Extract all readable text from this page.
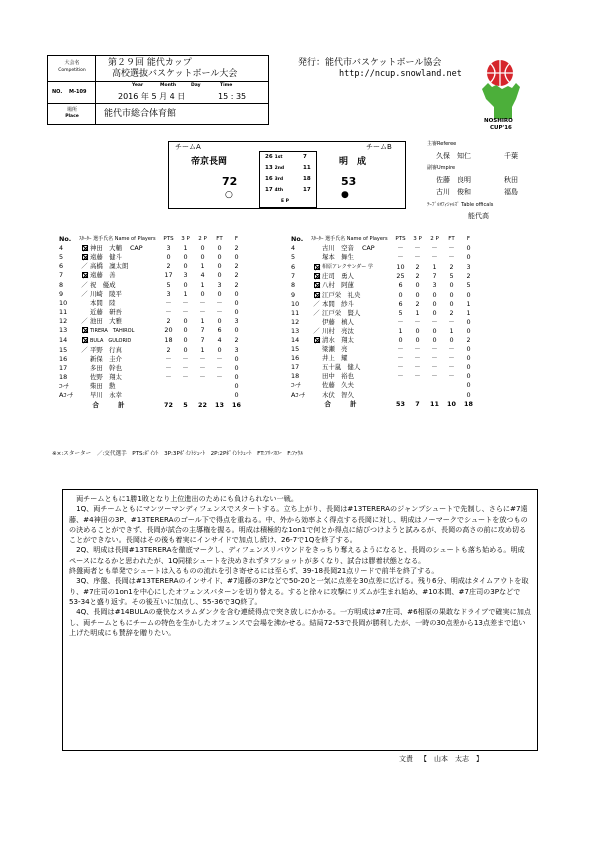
大会名
Competition
第２９回 能代カップ
高校選抜バスケットボール大会
NO. M-109
Year	Month	Day	Time
2016 年 5 月 4 日	15 : 35
場所
Place	能代市総合体育館
発行：能代市バスケットボール協会
http://ncup.snowland.net
NOSHIRO
CUP'16
チームA	チームB
帝京長岡	明　成
72	53
○	●
26 1st	7
13 2nd	11
16 3rd	18
17 4th	17
E P
主審Referee
久保　知仁	千葉
副審Umpire
佐藤　良明	秋田
古川　俊和	福島
ﾃｰﾌﾞﾙｵﾌｨｼｬﾙｽﾞ Table officals
能代高
No.	ｽﾀｰﾀｰ 選手氏名 Name of Players		PTS	3 P	2 P	FT	F
4		神田　大輔 CAP	3	1	0	0	2
5		遠藤　健斗	0	0	0	0	0
6	／	高橋　凜太朗	2	0	1	0	2
7		遠藤　善	17	3	4	0	2
8	／	祝　優成	5	0	1	3	2
9	／	川崎　陵平	3	1	0	0	0
10		本間　陸	－	－	－	－	0
11		近藤　研吾	－	－	－	－	0
12	／	池田　大雅	2	0	1	0	3
13		TIRERA　TAHIROL	20	0	7	6	0
14		BULA　GULORID	18	0	7	4	2
15	／	平野　行真	2	0	1	0	3
16		新保　圭介	－	－	－	－	0
17		多田　幹也	－	－	－	－	0
18		佐野　翔太	－	－	－	－	0
ｺｰﾁ		柴田　勲					0
Aｺｰﾁ		早川　永幸					0
合　　　計			72	5	22	13	16
No.	ｽﾀｰﾀｰ 選手氏名 Name of Players		PTS	3 P	2 P	FT	F
4		古川　空音 CAP	－	－	－	－	0
5		塚本　舞生	－	－	－	－	0
6		相原アレクサンダー 学	10	2	1	2	3
7		庄司　勇人	25	2	7	5	2
8		八村　阿蓮	6	0	3	0	5
9		江戸栄　礼央	0	0	0	0	0
10	／	本間　紗斗	6	2	0	0	1
11	／	江戸栄　賢人	5	1	0	2	1
12		伊藤　槙人	－	－	－	－	0
13	／	川村　亮汰	1	0	0	1	0
14		清水　翔太	0	0	0	0	2
15		梁瀬　亮	－	－	－	－	0
16		井上　耀	－	－	－	－	0
17		五十嵐　健人	－	－	－	－	0
18		田中　裕也	－	－	－	－	0
ｺｰﾁ		佐藤　久夫					0
Aｺｰﾁ		木伏　智久					0
合　　　計			53	7	11	10	18
※×:スターター　／:交代選手　PTS:ﾎﾟｲﾝﾄ　3P:3Pﾎﾟｲﾝﾄｼｭｰﾄ　2P:2Pﾎﾟｲﾝﾄｼｭｰﾄ　FT:ﾌﾘｰｽﾛｰ　F:ﾌｧｳﾙ

　両チームともに1勝1敗となり上位進出のためにも負けられない一戦。

　1Q、両チームともにマンツーマンディフェンスでスタートする。立ち上がり、長岡は#13TERERAのジャンプシュートで先制し、さらに#7遠藤、#4神田の3P、#13TERERAのゴール下で得点を重ねる。中、外から効率よく得点する長岡に対し、明成はノーマークでシュートを放つものの決めることができず、長岡が試合の主導権を握る。明成は積極的な1on1で何とか得点に結びつけようと試みるが、長岡の高さの前に攻め切ることができない。長岡はその後も着実にインサイドで加点し続け、26-7で1Qを終了する。

　2Q、明成は長岡#13TERERAを徹底マークし、ディフェンスリバウンドをきっちり奪えるようになると、長岡のシュートも落ち始める。明成ペースになるかと思われたが、1Q同様シュートを決めきれずタフショットが多くなり、試合は膠着状態となる。

終盤両者とも単発でシュートは入るものの流れを引き寄せるには至らず、39-18長岡21点リードで前半を終了する。

　3Q、序盤、長岡は#13TERERAのインサイド、#7遠藤の3Pなどで50-20と一気に点差を30点差に広げる。残り6分、明成はタイムアウトを取り、#7庄司の1on1を中心にしたオフェンスパターンを切り替える。すると徐々に攻撃にリズムが生まれ始め、#10本間、#7庄司の3Pなどで53-34と盛り返す。その後互いに加点し、55-36で3Q終了。

　4Q、長岡は#14BULAの豪快なスラムダンクを含む連続得点で突き放しにかかる。一方明成は#7庄司、#6相原の果敢なドライブで確実に加点し、両チームともにチームの特色を生かしたオフェンスで会場を沸かせる。結局72-53で長岡が勝利したが、一時の30点差から13点差まで追い上げた明成にも賛辞を贈りたい。

文責 【　山本　太志　】
